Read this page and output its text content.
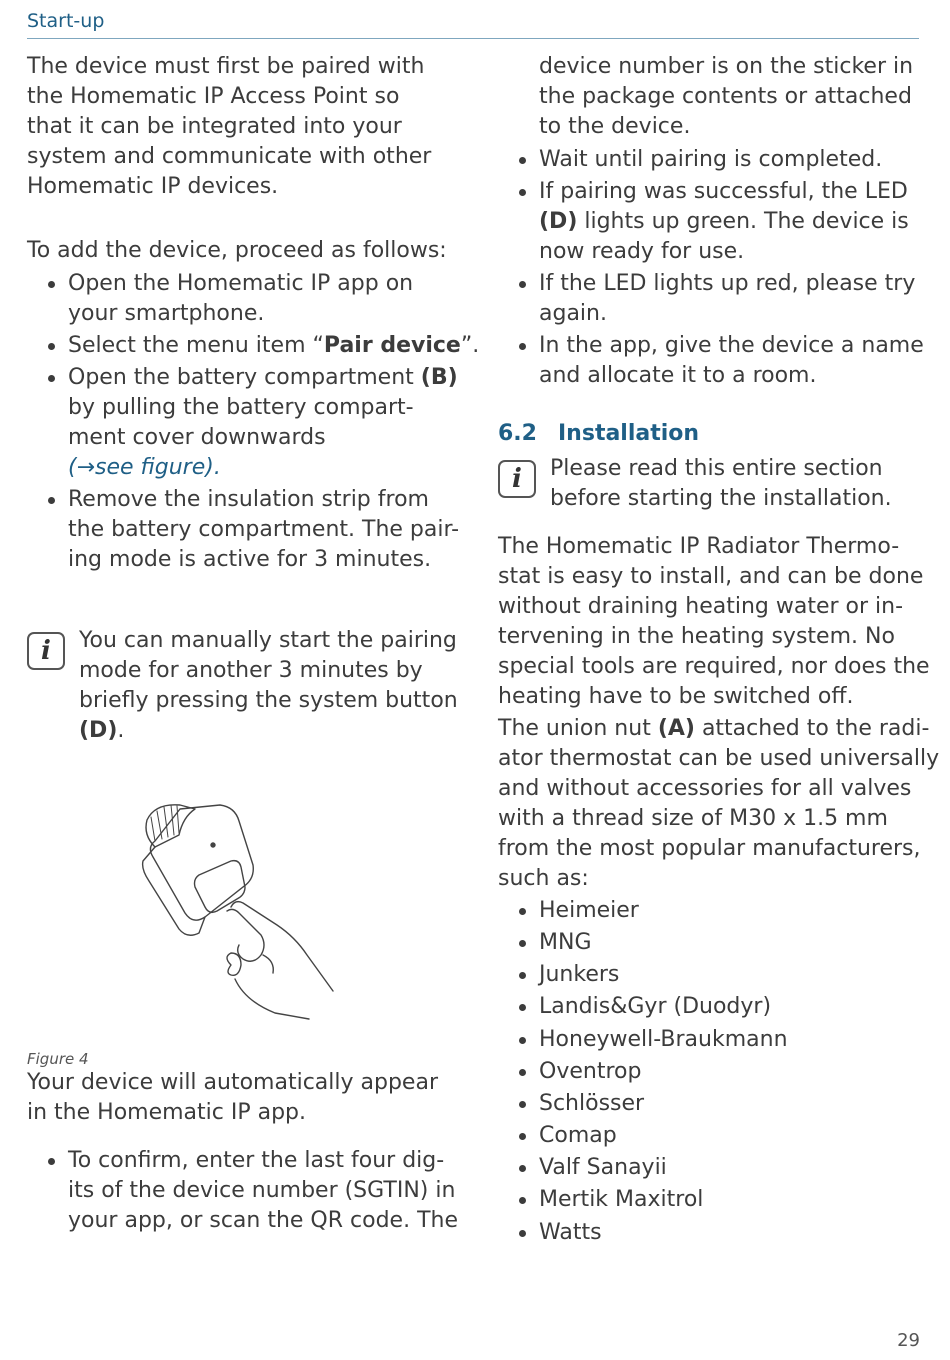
Start-up

The device must first be paired with

the Homematic IP Access Point so

that it can be integrated into your

system and communicate with other

Homematic IP devices.

To add the device, proceed as follows:

Open the Homematic IP app on

your smartphone.

Select the menu item “Pair device”.
Open the battery compartment (B)

by pulling the battery compart-

ment cover downwards

(→see figure).

Remove the insulation strip from

the battery compartment. The pair-

ing mode is active for 3 minutes.

i	You can manually start the pairing

mode for another 3 minutes by

briefly pressing the system button

(D).

Figure 4

Your device will automatically appear

in the Homematic IP app.

To confirm, enter the last four dig-

its of the device number (SGTIN) in

your app, or scan the QR code. The

device number is on the sticker in

the package contents or attached

to the device.

Wait until pairing is completed.
If pairing was successful, the LED

(D) lights up green. The device is

now ready for use.

If the LED lights up red, please try

again.

In the app, give the device a name

and allocate it to a room.

6.2 Installation
i	Please read this entire section

before starting the installation.

The Homematic IP Radiator Thermo-

stat is easy to install, and can be done

without draining heating water or in-

tervening in the heating system. No

special tools are required, nor does the

heating have to be switched off.

The union nut (A) attached to the radi-

ator thermostat can be used universally

and without accessories for all valves

with a thread size of M30 x 1.5 mm

from the most popular manufacturers,

such as:

Heimeier
MNG
Junkers
Landis&Gyr (Duodyr)
Honeywell-Braukmann
Oventrop
Schlösser
Comap
Valf Sanayii
Mertik Maxitrol
Watts
29
